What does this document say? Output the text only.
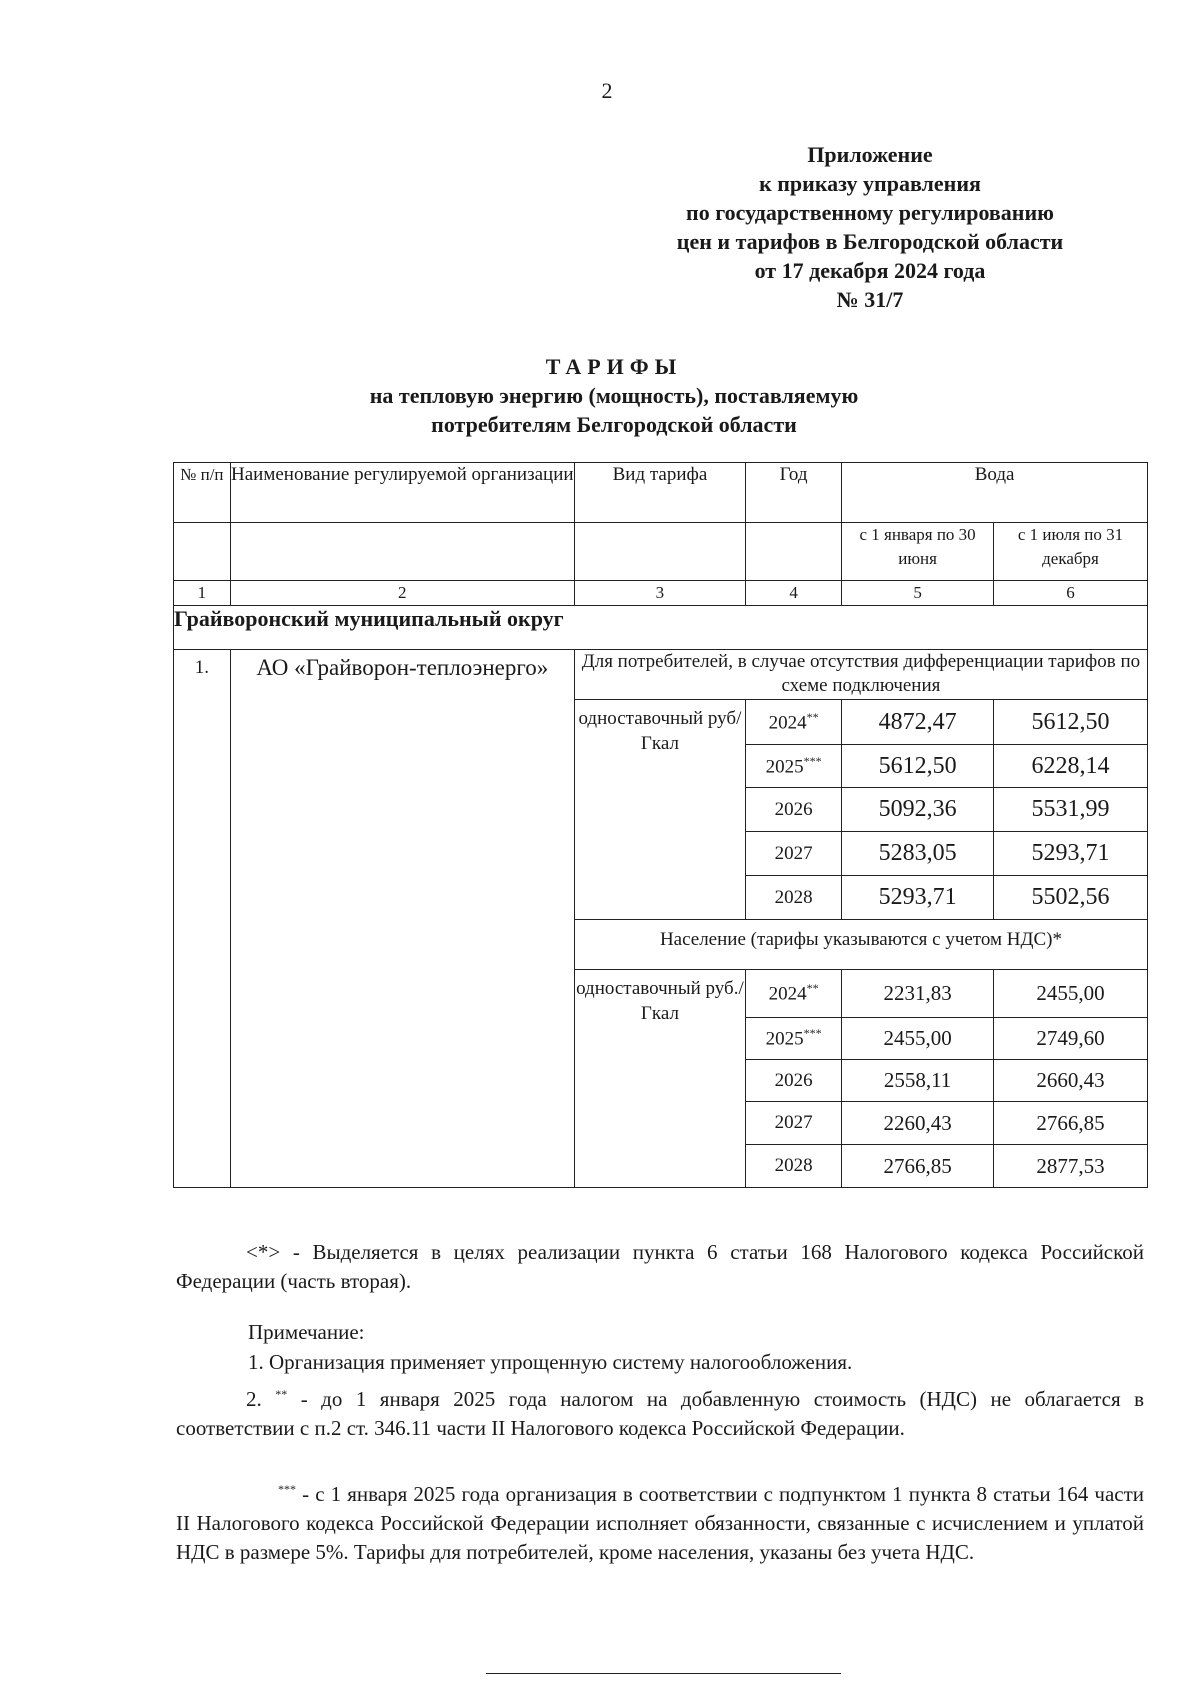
2
Приложение
к приказу управления
по государственному регулированию
цен и тарифов в Белгородской области
от 17 декабря 2024 года
№ 31/7
ТАРИФЫ
на тепловую энергию (мощность), поставляемую
потребителям Белгородской области
№ п/п	Наименование регулируемой организации	Вид тарифа	Год	Вода	
				с 1 января по 30 июня	с 1 июля по 31 декабря
1	2	3	4	5	6
Грайворонский муниципальный округ					
1.	АО «Грайворон-теплоэнерго»	Для потребителей, в случае отсутствия дифференциации тарифов по схеме подключения			
		одноставочный руб/Гкал	2024**	4872,47	5612,50
			2025***	5612,50	6228,14
			2026	5092,36	5531,99
			2027	5283,05	5293,71
			2028	5293,71	5502,56
		Население (тарифы указываются с учетом НДС)*			
		одноставочный руб./Гкал	2024**	2231,83	2455,00
			2025***	2455,00	2749,60
			2026	2558,11	2660,43
			2027	2260,43	2766,85
			2028	2766,85	2877,53
<*> - Выделяется в целях реализации пункта 6 статьи 168 Налогового кодекса Российской Федерации (часть вторая).
Примечание:
1. Организация применяет упрощенную систему налогообложения.
2. ** - до 1 января 2025 года налогом на добавленную стоимость (НДС) не облагается в соответствии с п.2 ст. 346.11 части II Налогового кодекса Российской Федерации.
*** - с 1 января 2025 года организация в соответствии с подпунктом 1 пункта 8 статьи 164 части II Налогового кодекса Российской Федерации исполняет обязанности, связанные с исчислением и уплатой НДС в размере 5%. Тарифы для потребителей, кроме населения, указаны без учета НДС.
